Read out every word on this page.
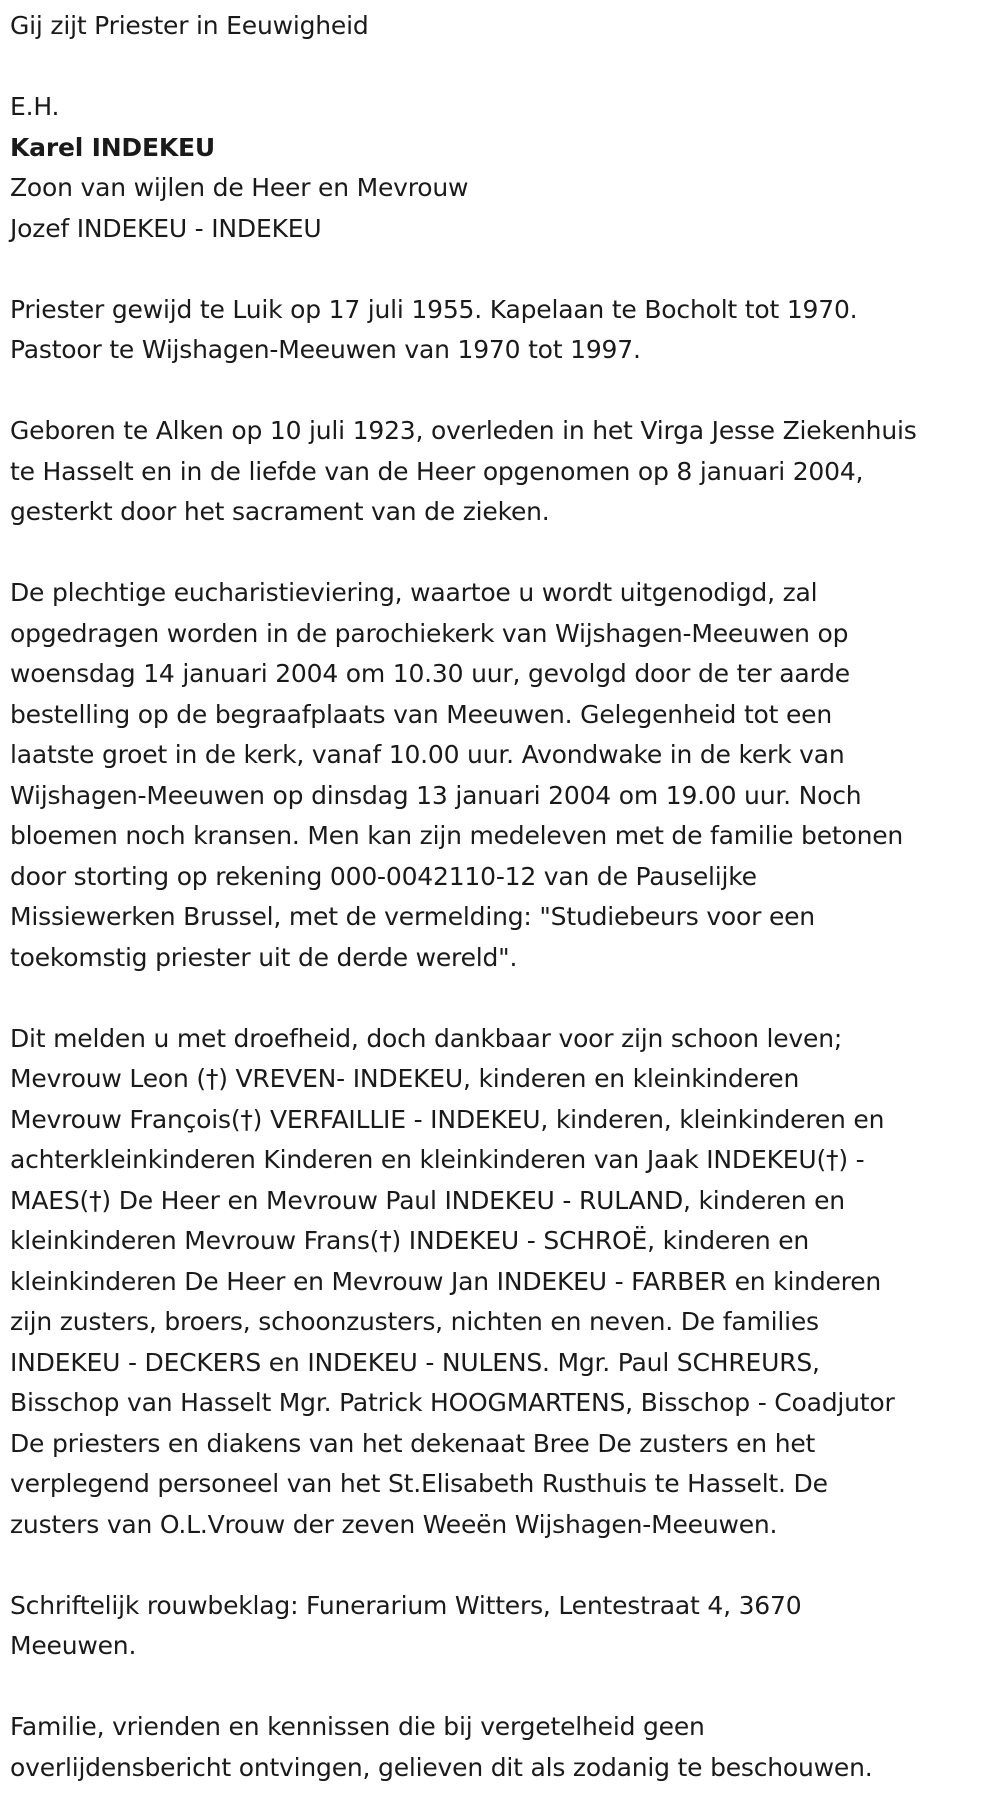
Gij zijt Priester in Eeuwigheid
E.H.
Karel INDEKEU
Zoon van wijlen de Heer en Mevrouw
Jozef INDEKEU - INDEKEU
Priester gewijd te Luik op 17 juli 1955. Kapelaan te Bocholt tot 1970.
Pastoor te Wijshagen-Meeuwen van 1970 tot 1997.
Geboren te Alken op 10 juli 1923, overleden in het Virga Jesse Ziekenhuis
te Hasselt en in de liefde van de Heer opgenomen op 8 januari 2004,
gesterkt door het sacrament van de zieken.
De plechtige eucharistieviering, waartoe u wordt uitgenodigd, zal
opgedragen worden in de parochiekerk van Wijshagen-Meeuwen op
woensdag 14 januari 2004 om 10.30 uur, gevolgd door de ter aarde
bestelling op de begraafplaats van Meeuwen. Gelegenheid tot een
laatste groet in de kerk, vanaf 10.00 uur. Avondwake in de kerk van
Wijshagen-Meeuwen op dinsdag 13 januari 2004 om 19.00 uur. Noch
bloemen noch kransen. Men kan zijn medeleven met de familie betonen
door storting op rekening 000-0042110-12 van de Pauselijke
Missiewerken Brussel, met de vermelding: "Studiebeurs voor een
toekomstig priester uit de derde wereld".
Dit melden u met droefheid, doch dankbaar voor zijn schoon leven;
Mevrouw Leon (†) VREVEN- INDEKEU, kinderen en kleinkinderen
Mevrouw François(†) VERFAILLIE - INDEKEU, kinderen, kleinkinderen en
achterkleinkinderen Kinderen en kleinkinderen van Jaak INDEKEU(†) -
MAES(†) De Heer en Mevrouw Paul INDEKEU - RULAND, kinderen en
kleinkinderen Mevrouw Frans(†) INDEKEU - SCHROË, kinderen en
kleinkinderen De Heer en Mevrouw Jan INDEKEU - FARBER en kinderen
zijn zusters, broers, schoonzusters, nichten en neven. De families
INDEKEU - DECKERS en INDEKEU - NULENS. Mgr. Paul SCHREURS,
Bisschop van Hasselt Mgr. Patrick HOOGMARTENS, Bisschop - Coadjutor
De priesters en diakens van het dekenaat Bree De zusters en het
verplegend personeel van het St.Elisabeth Rusthuis te Hasselt. De
zusters van O.L.Vrouw der zeven Weeën Wijshagen-Meeuwen.
Schriftelijk rouwbeklag: Funerarium Witters, Lentestraat 4, 3670
Meeuwen.
Familie, vrienden en kennissen die bij vergetelheid geen
overlijdensbericht ontvingen, gelieven dit als zodanig te beschouwen.
